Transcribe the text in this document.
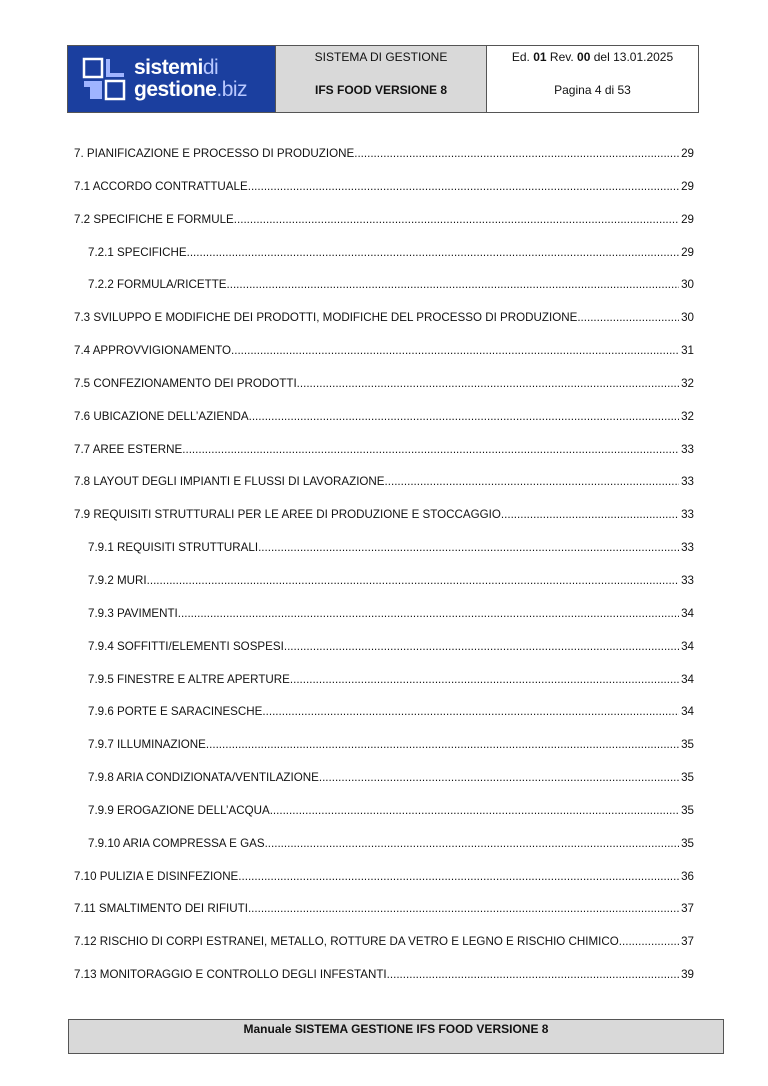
sistemidi
gestione.biz
SISTEMA DI GESTIONE
IFS FOOD VERSIONE 8
Ed. 01 Rev. 00 del 13.01.2025
Pagina 4 di 53
7. PIANIFICAZIONE E PROCESSO DI PRODUZIONE .....	29
7.1 ACCORDO CONTRATTUALE .....	29
7.2 SPECIFICHE E FORMULE .....	29
7.2.1 SPECIFICHE .....	29
7.2.2 FORMULA/RICETTE .....	30
7.3 SVILUPPO E MODIFICHE DEI PRODOTTI, MODIFICHE DEL PROCESSO DI PRODUZIONE .....	30
7.4 APPROVVIGIONAMENTO .....	31
7.5 CONFEZIONAMENTO DEI PRODOTTI .....	32
7.6 UBICAZIONE DELL’AZIENDA .....	32
7.7 AREE ESTERNE .....	33
7.8 LAYOUT DEGLI IMPIANTI E FLUSSI DI LAVORAZIONE .....	33
7.9 REQUISITI STRUTTURALI PER LE AREE DI PRODUZIONE E STOCCAGGIO .....	33
7.9.1 REQUISITI STRUTTURALI .....	33
7.9.2 MURI .....	33
7.9.3 PAVIMENTI .....	34
7.9.4 SOFFITTI/ELEMENTI SOSPESI .....	34
7.9.5 FINESTRE E ALTRE APERTURE .....	34
7.9.6 PORTE E SARACINESCHE .....	34
7.9.7 ILLUMINAZIONE .....	35
7.9.8 ARIA CONDIZIONATA/VENTILAZIONE .....	35
7.9.9 EROGAZIONE DELL’ACQUA .....	35
7.9.10 ARIA COMPRESSA E GAS .....	35
7.10 PULIZIA E DISINFEZIONE .....	36
7.11 SMALTIMENTO DEI RIFIUTI .....	37
7.12 RISCHIO DI CORPI ESTRANEI, METALLO, ROTTURE DA VETRO E LEGNO E RISCHIO CHIMICO .....	37
7.13 MONITORAGGIO E CONTROLLO DEGLI INFESTANTI .....	39
Manuale SISTEMA GESTIONE IFS FOOD VERSIONE 8
